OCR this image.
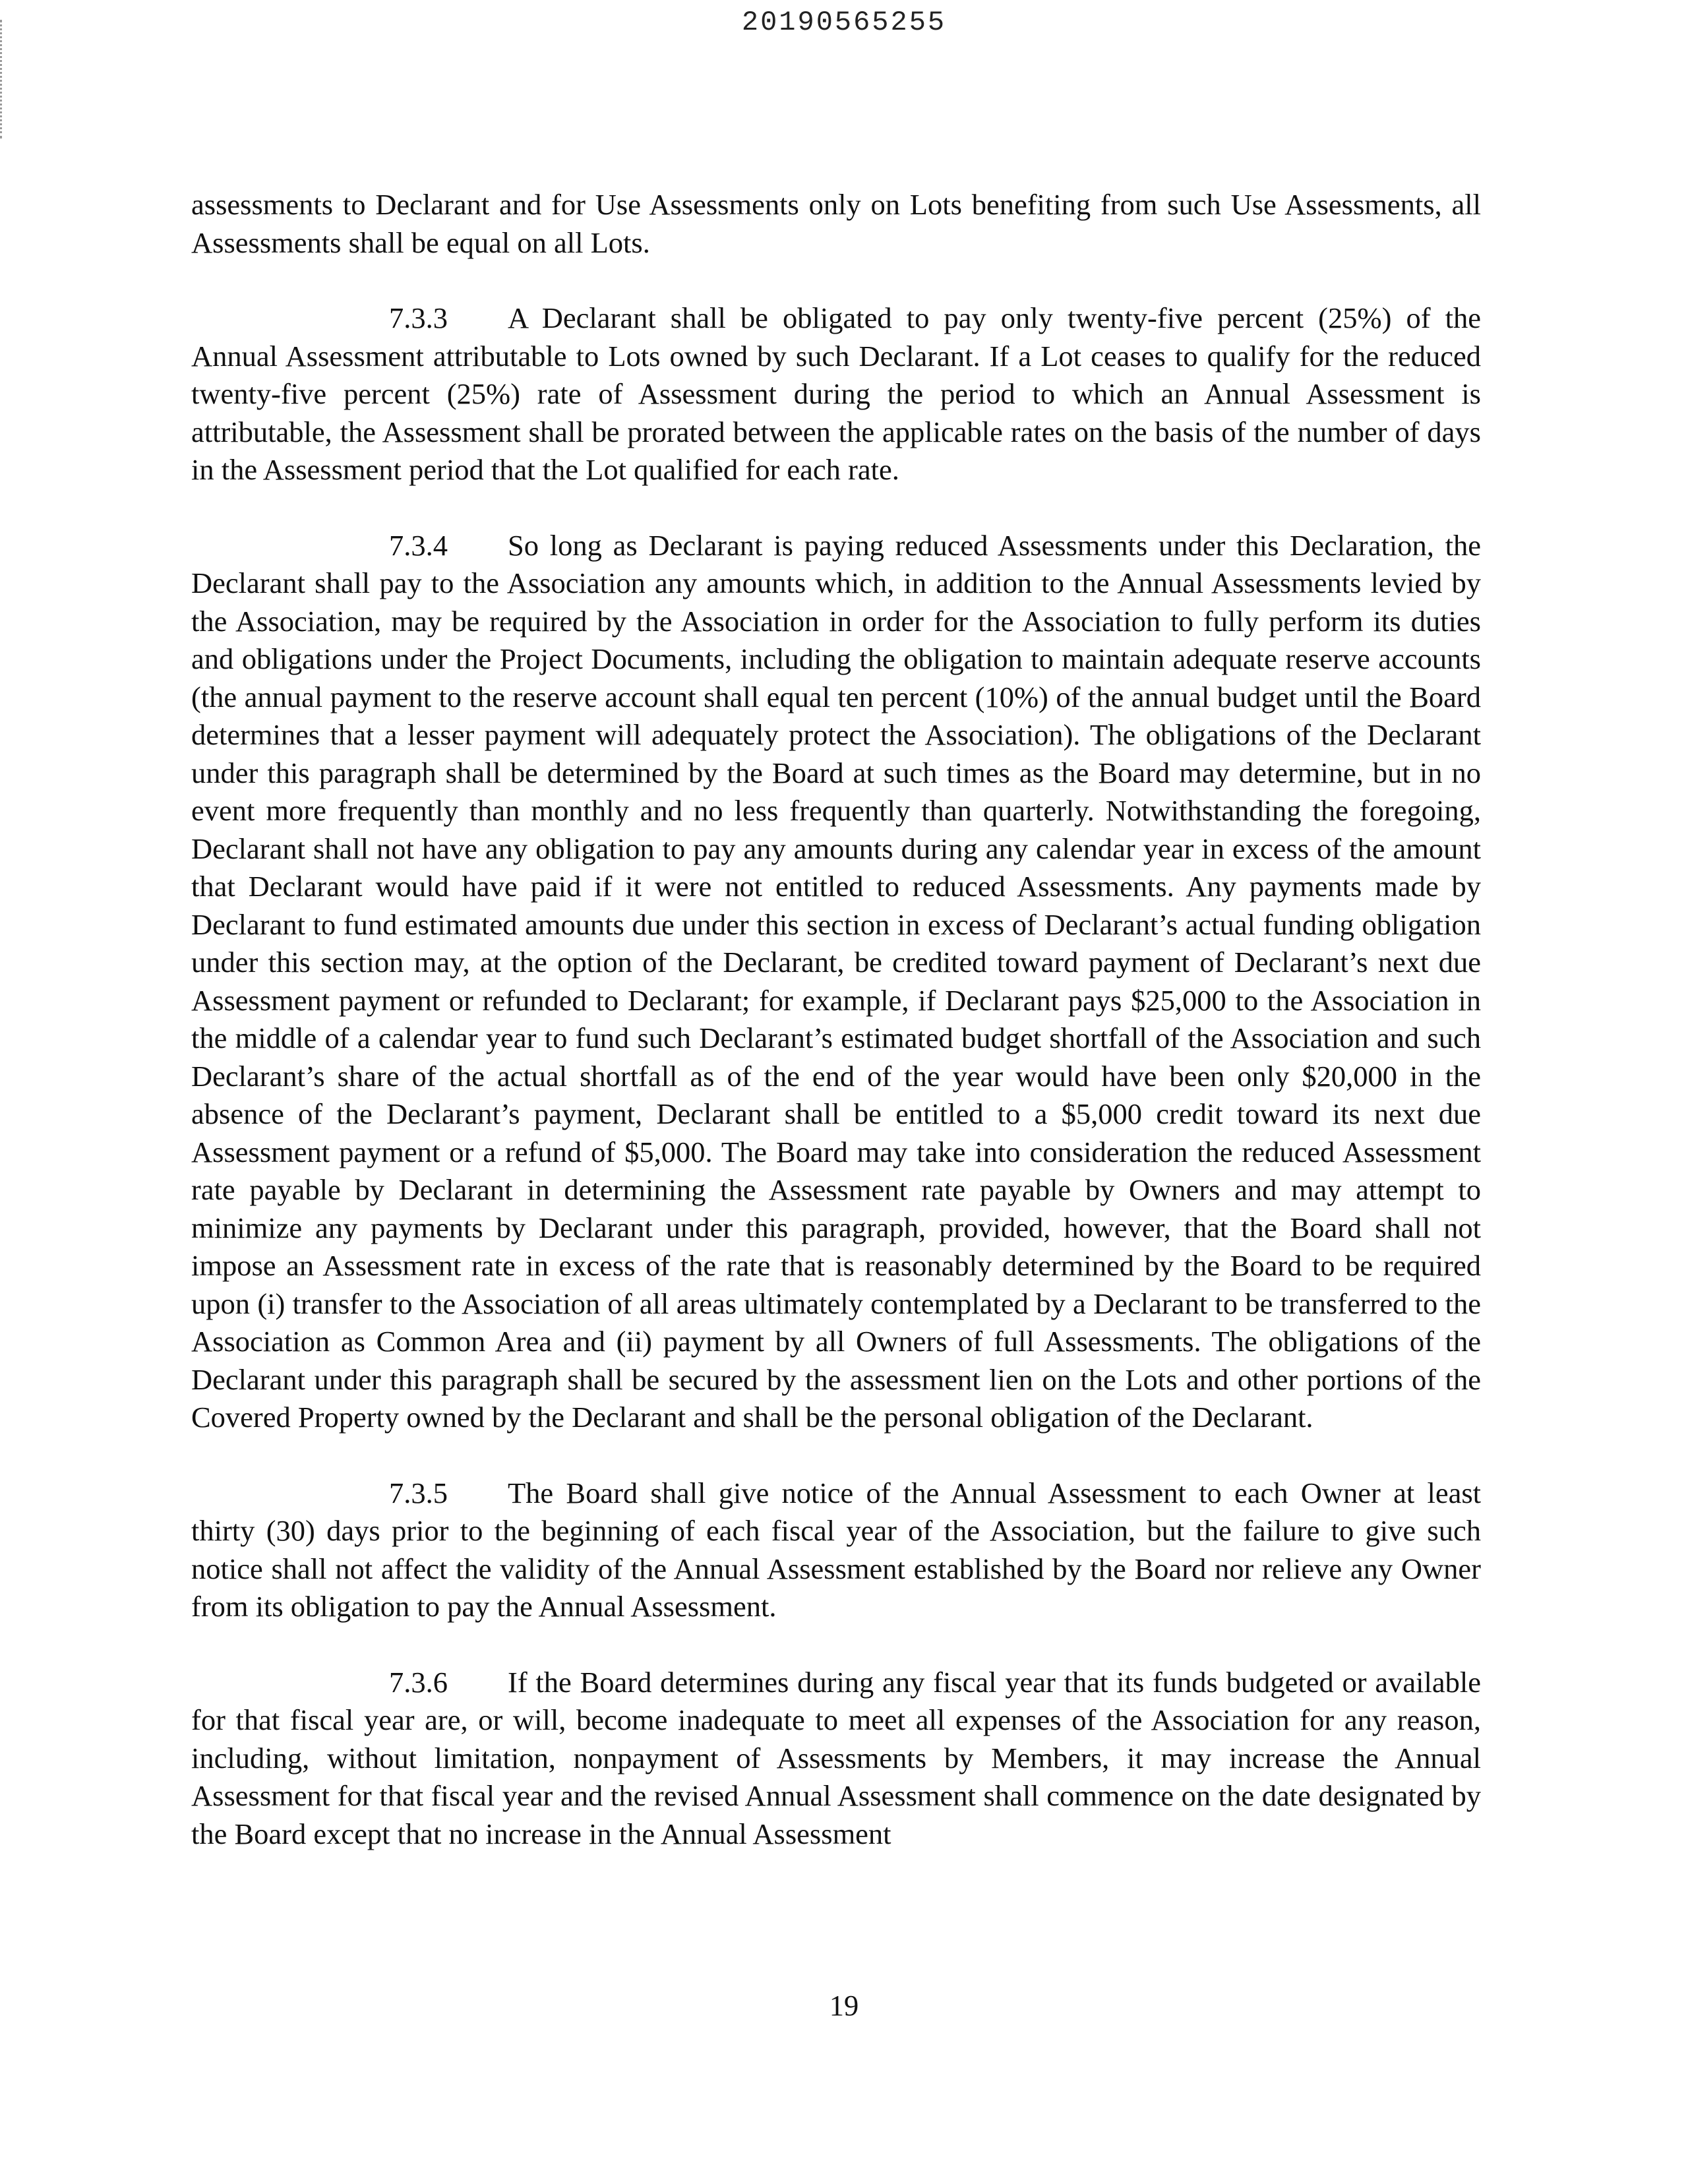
20190565255

assessments to Declarant and for Use Assessments only on Lots benefiting from such Use Assessments, all Assessments shall be equal on all Lots.

7.3.3 A Declarant shall be obligated to pay only twenty-five percent (25%) of the Annual Assessment attributable to Lots owned by such Declarant. If a Lot ceases to qualify for the reduced twenty-five percent (25%) rate of Assessment during the period to which an Annual Assessment is attributable, the Assessment shall be prorated between the applicable rates on the basis of the number of days in the Assessment period that the Lot qualified for each rate.

7.3.4 So long as Declarant is paying reduced Assessments under this Declaration, the Declarant shall pay to the Association any amounts which, in addition to the Annual Assessments levied by the Association, may be required by the Association in order for the Association to fully perform its duties and obligations under the Project Documents, including the obligation to maintain adequate reserve accounts (the annual payment to the reserve account shall equal ten percent (10%) of the annual budget until the Board determines that a lesser payment will adequately protect the Association). The obligations of the Declarant under this paragraph shall be determined by the Board at such times as the Board may determine, but in no event more frequently than monthly and no less frequently than quarterly. Notwithstanding the foregoing, Declarant shall not have any obligation to pay any amounts during any calendar year in excess of the amount that Declarant would have paid if it were not entitled to reduced Assessments. Any payments made by Declarant to fund estimated amounts due under this section in excess of Declarant’s actual funding obligation under this section may, at the option of the Declarant, be credited toward payment of Declarant’s next due Assessment payment or refunded to Declarant; for example, if Declarant pays $25,000 to the Association in the middle of a calendar year to fund such Declarant’s estimated budget shortfall of the Association and such Declarant’s share of the actual shortfall as of the end of the year would have been only $20,000 in the absence of the Declarant’s payment, Declarant shall be entitled to a $5,000 credit toward its next due Assessment payment or a refund of $5,000. The Board may take into consideration the reduced Assessment rate payable by Declarant in determining the Assessment rate payable by Owners and may attempt to minimize any payments by Declarant under this paragraph, provided, however, that the Board shall not impose an Assessment rate in excess of the rate that is reasonably determined by the Board to be required upon (i) transfer to the Association of all areas ultimately contemplated by a Declarant to be transferred to the Association as Common Area and (ii) payment by all Owners of full Assessments. The obligations of the Declarant under this paragraph shall be secured by the assessment lien on the Lots and other portions of the Covered Property owned by the Declarant and shall be the personal obligation of the Declarant.

7.3.5 The Board shall give notice of the Annual Assessment to each Owner at least thirty (30) days prior to the beginning of each fiscal year of the Association, but the failure to give such notice shall not affect the validity of the Annual Assessment established by the Board nor relieve any Owner from its obligation to pay the Annual Assessment.

7.3.6 If the Board determines during any fiscal year that its funds budgeted or available for that fiscal year are, or will, become inadequate to meet all expenses of the Association for any reason, including, without limitation, nonpayment of Assessments by Members, it may increase the Annual Assessment for that fiscal year and the revised Annual Assessment shall commence on the date designated by the Board except that no increase in the Annual Assessment

19
